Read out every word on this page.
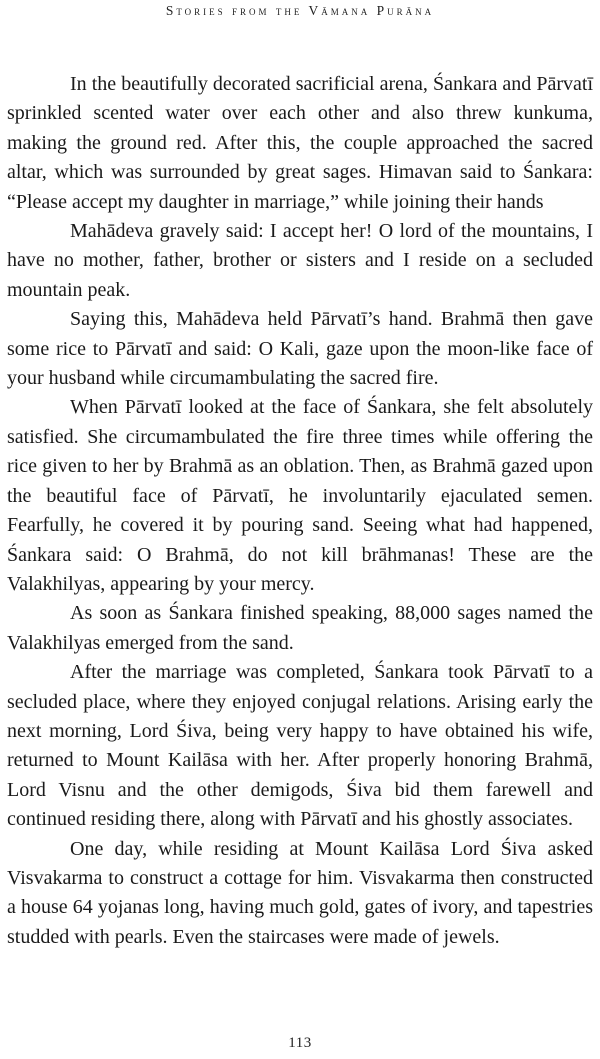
Stories from the Vāmana Purāna

In the beautifully decorated sacrificial arena, Śankara and Pārvatī sprinkled scented water over each other and also threw kunkuma, making the ground red. After this, the couple approached the sacred altar, which was surrounded by great sages. Himavan said to Śankara: “Please accept my daughter in marriage,” while joining their hands

Mahādeva gravely said: I accept her! O lord of the mountains, I have no mother, father, brother or sisters and I reside on a secluded mountain peak.

Saying this, Mahādeva held Pārvatī’s hand. Brahmā then gave some rice to Pārvatī and said: O Kali, gaze upon the moon-like face of your husband while circumambulating the sacred fire.

When Pārvatī looked at the face of Śankara, she felt absolutely satisfied. She circumambulated the fire three times while offering the rice given to her by Brahmā as an oblation. Then, as Brahmā gazed upon the beautiful face of Pārvatī, he involuntarily ejaculated semen. Fearfully, he covered it by pouring sand. Seeing what had happened, Śankara said: O Brahmā, do not kill brāhmanas! These are the Valakhilyas, appearing by your mercy.

As soon as Śankara finished speaking, 88,000 sages named the Valakhilyas emerged from the sand.

After the marriage was completed, Śankara took Pārvatī to a secluded place, where they enjoyed conjugal relations. Arising early the next morning, Lord Śiva, being very happy to have obtained his wife, returned to Mount Kailāsa with her. After properly honoring Brahmā, Lord Visnu and the other demigods, Śiva bid them farewell and continued residing there, along with Pārvatī and his ghostly associates.

One day, while residing at Mount Kailāsa Lord Śiva asked Visvakarma to construct a cottage for him. Visvakarma then constructed a house 64 yojanas long, having much gold, gates of ivory, and tapestries studded with pearls. Even the staircases were made of jewels.

113
